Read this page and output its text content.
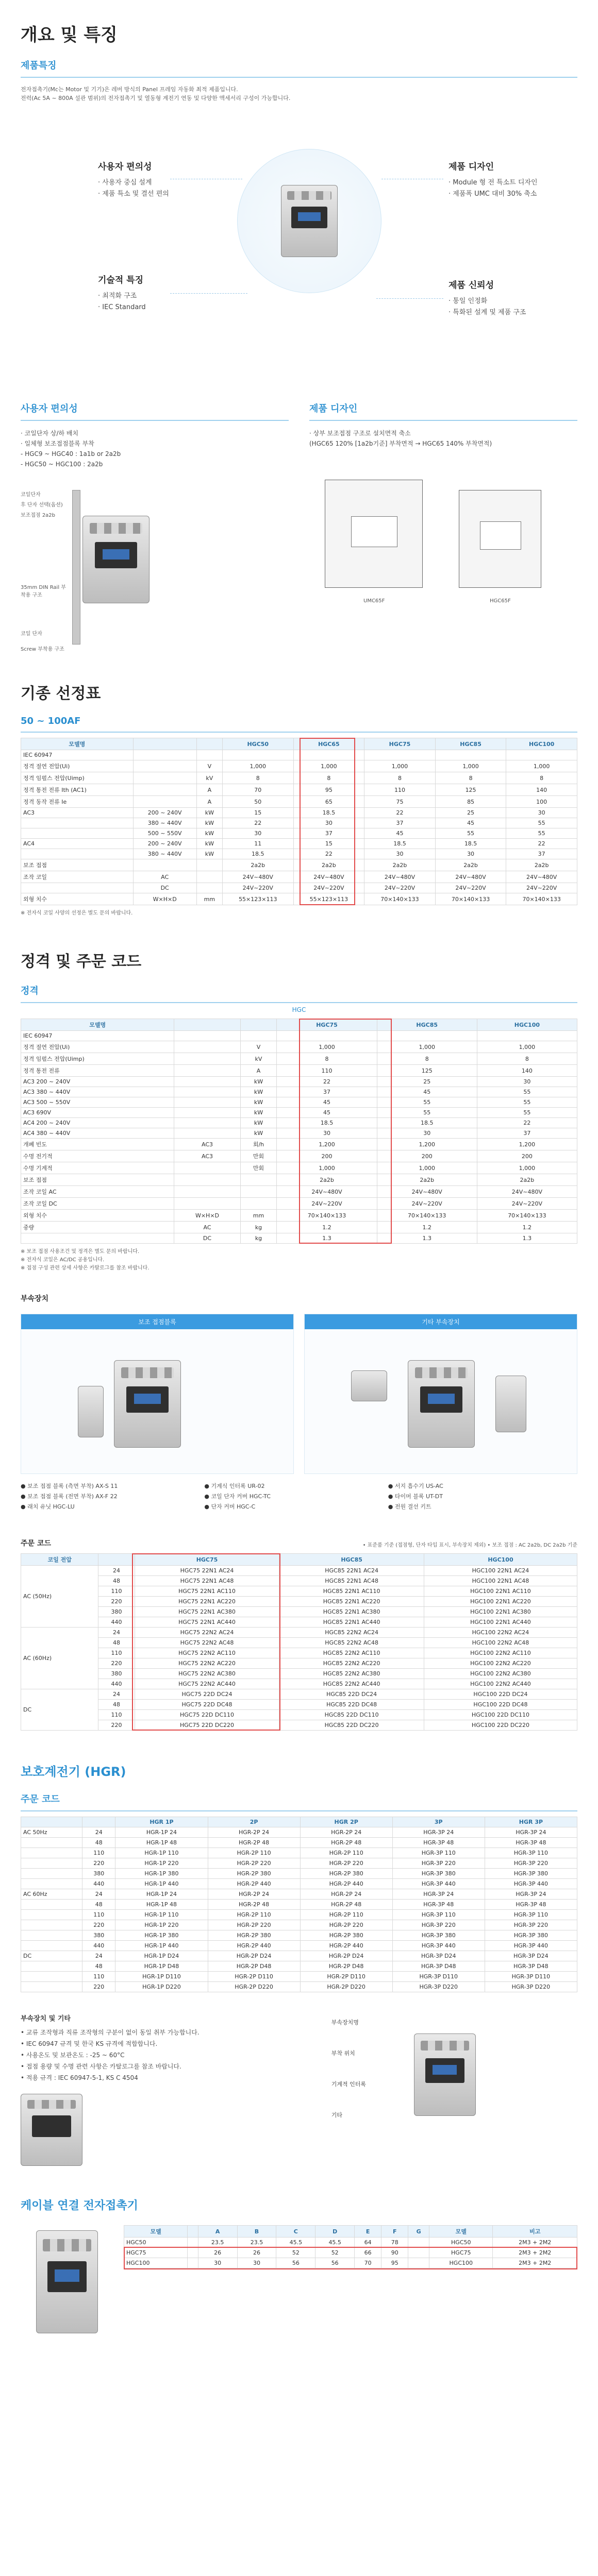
개요 및 특징
제품특징
전자접촉기(Mc는 Motor 및 기기)은 레버 방식의 Panel 프레임 자동화 최적 제품입니다.
전력(Ac 5A ~ 800A 설관 범위)의 전자접촉기 및 열동형 계전기 연동 및 다양한 액세서리 구성이 가능합니다.
사용자 편의성
· 사용자 중심 설계
· 제품 특소 및 결선 편의
제품 디자인
· Module 형 전 특소트 디자인
· 제품폭 UMC 대비 30% 축소
기술적 특징
· 최적화 구조
· IEC Standard
제품 신뢰성
· 통일 인정화
· 특화된 설계 및 제품 구조
사용자 편의성
· 코일단자 상/하 배치
· 일체형 보조접점블록 부착
- HGC9 ~ HGC40 : 1a1b or 2a2b
- HGC50 ~ HGC100 : 2a2b
코일단자
후 단자 선택(옵션)
보조접점 2a2b
35mm DIN Rail 부착용 구조
코일 단자
Screw 부착용 구조
제품 디자인
· 상부 보조접점 구조로 설치면적 축소
(HGC65 120% [1a2b기준] 부착면적 → HGC65 140% 부착면적)
UMC65F	HGC65F
기종 선정표
50 ~ 100AF
모델명			HGC50	HGC65	HGC75	HGC85	HGC100
IEC 60947							
정격 절연 전압(Ui)		V	1,000	1,000	1,000	1,000	1,000
정격 임펄스 전압(Uimp)		kV	8	8	8	8	8
정격 통전 전류 Ith (AC1)		A	70	95	110	125	140
정격 동작 전류 Ie		A	50	65	75	85	100
AC3	200 ~ 240V	kW	15	18.5	22	25	30
	380 ~ 440V	kW	22	30	37	45	55
	500 ~ 550V	kW	30	37	45	55	55
AC4	200 ~ 240V	kW	11	15	18.5	18.5	22
	380 ~ 440V	kW	18.5	22	30	30	37
보조 접점			2a2b	2a2b	2a2b	2a2b	2a2b
조작 코일	AC		24V~480V	24V~480V	24V~480V	24V~480V	24V~480V
	DC		24V~220V	24V~220V	24V~220V	24V~220V	24V~220V
외형 치수	W×H×D	mm	55×123×113	55×123×113	70×140×133	70×140×133	70×140×133
※ 전자식 코일 사양의 선정은 별도 문의 바랍니다.
정격 및 주문 코드
정격
HGC
모델명			HGC75	HGC85	HGC100
IEC 60947					
정격 절연 전압(Ui)		V	1,000	1,000	1,000
정격 임펄스 전압(Uimp)		kV	8	8	8
정격 통전 전류		A	110	125	140
AC3 200 ~ 240V		kW	22	25	30
AC3 380 ~ 440V		kW	37	45	55
AC3 500 ~ 550V		kW	45	55	55
AC3 690V		kW	45	55	55
AC4 200 ~ 240V		kW	18.5	18.5	22
AC4 380 ~ 440V		kW	30	30	37
개폐 빈도	AC3	회/h	1,200	1,200	1,200
수명 전기적	AC3	만회	200	200	200
수명 기계적		만회	1,000	1,000	1,000
보조 접점			2a2b	2a2b	2a2b
조작 코일 AC			24V~480V	24V~480V	24V~480V
조작 코일 DC			24V~220V	24V~220V	24V~220V
외형 치수	W×H×D	mm	70×140×133	70×140×133	70×140×133
중량	AC	kg	1.2	1.2	1.2
	DC	kg	1.3	1.3	1.3
※ 보조 접점 사용조건 및 정격은 별도 문의 바랍니다.
※ 전자식 코일은 AC/DC 공용입니다.
※ 접점 구성 관련 상세 사항은 카탈로그를 참조 바랍니다.
부속장치
보조 접점블록	기타 부속장치
● 보조 접점 블록 (측면 부착) AX-S 11	● 기계식 인터록 UR-02	● 서지 흡수기 US-AC
● 보조 접점 블록 (전면 부착) AX-F 22	● 코일 단자 커버 HGC-TC	● 타이머 블록 UT-DT
● 래치 유닛 HGC-LU	● 단자 커버 HGC-C	● 전원 결선 키트
주문 코드	• 표준품 기준 (접점형, 단자 타입 표시, 부속장치 제외) • 보조 접점 : AC 2a2b, DC 2a2b 기준
코일 전압		HGC75	HGC85	HGC100
AC (50Hz)	24	HGC75 22N1 AC24	HGC85 22N1 AC24	HGC100 22N1 AC24
	48	HGC75 22N1 AC48	HGC85 22N1 AC48	HGC100 22N1 AC48
	110	HGC75 22N1 AC110	HGC85 22N1 AC110	HGC100 22N1 AC110
	220	HGC75 22N1 AC220	HGC85 22N1 AC220	HGC100 22N1 AC220
	380	HGC75 22N1 AC380	HGC85 22N1 AC380	HGC100 22N1 AC380
	440	HGC75 22N1 AC440	HGC85 22N1 AC440	HGC100 22N1 AC440
AC (60Hz)	24	HGC75 22N2 AC24	HGC85 22N2 AC24	HGC100 22N2 AC24
	48	HGC75 22N2 AC48	HGC85 22N2 AC48	HGC100 22N2 AC48
	110	HGC75 22N2 AC110	HGC85 22N2 AC110	HGC100 22N2 AC110
	220	HGC75 22N2 AC220	HGC85 22N2 AC220	HGC100 22N2 AC220
	380	HGC75 22N2 AC380	HGC85 22N2 AC380	HGC100 22N2 AC380
	440	HGC75 22N2 AC440	HGC85 22N2 AC440	HGC100 22N2 AC440
DC	24	HGC75 22D DC24	HGC85 22D DC24	HGC100 22D DC24
	48	HGC75 22D DC48	HGC85 22D DC48	HGC100 22D DC48
	110	HGC75 22D DC110	HGC85 22D DC110	HGC100 22D DC110
	220	HGC75 22D DC220	HGC85 22D DC220	HGC100 22D DC220
보호계전기 (HGR)
주문 코드
		HGR 1P	2P	HGR 2P	3P	HGR 3P
AC 50Hz	24	HGR-1P 24	HGR-2P 24	HGR-2P 24	HGR-3P 24	HGR-3P 24
	48	HGR-1P 48	HGR-2P 48	HGR-2P 48	HGR-3P 48	HGR-3P 48
	110	HGR-1P 110	HGR-2P 110	HGR-2P 110	HGR-3P 110	HGR-3P 110
	220	HGR-1P 220	HGR-2P 220	HGR-2P 220	HGR-3P 220	HGR-3P 220
	380	HGR-1P 380	HGR-2P 380	HGR-2P 380	HGR-3P 380	HGR-3P 380
	440	HGR-1P 440	HGR-2P 440	HGR-2P 440	HGR-3P 440	HGR-3P 440
AC 60Hz	24	HGR-1P 24	HGR-2P 24	HGR-2P 24	HGR-3P 24	HGR-3P 24
	48	HGR-1P 48	HGR-2P 48	HGR-2P 48	HGR-3P 48	HGR-3P 48
	110	HGR-1P 110	HGR-2P 110	HGR-2P 110	HGR-3P 110	HGR-3P 110
	220	HGR-1P 220	HGR-2P 220	HGR-2P 220	HGR-3P 220	HGR-3P 220
	380	HGR-1P 380	HGR-2P 380	HGR-2P 380	HGR-3P 380	HGR-3P 380
	440	HGR-1P 440	HGR-2P 440	HGR-2P 440	HGR-3P 440	HGR-3P 440
DC	24	HGR-1P D24	HGR-2P D24	HGR-2P D24	HGR-3P D24	HGR-3P D24
	48	HGR-1P D48	HGR-2P D48	HGR-2P D48	HGR-3P D48	HGR-3P D48
	110	HGR-1P D110	HGR-2P D110	HGR-2P D110	HGR-3P D110	HGR-3P D110
	220	HGR-1P D220	HGR-2P D220	HGR-2P D220	HGR-3P D220	HGR-3P D220
부속장치 및 기타
• 교류 조작형과 직류 조작형의 구분이 없이 동일 취부 가능합니다.
• IEC 60947 규격 및 한국 KS 규격에 적합합니다.
• 사용온도 및 보관온도 : -25 ~ 60°C
• 접점 용량 및 수명 관련 사항은 카탈로그를 참조 바랍니다.
• 적용 규격 : IEC 60947-5-1, KS C 4504
부속장치명
부착 위치
기계적 인터록
기타
케이블 연결 전자접촉기
모델		A	B	C	D	E	F	G	모델	비고
HGC50		23.5	23.5	45.5	45.5	64	78		HGC50	2M3 + 2M2
HGC75		26	26	52	52	66	90		HGC75	2M3 + 2M2
HGC100		30	30	56	56	70	95		HGC100	2M3 + 2M2
